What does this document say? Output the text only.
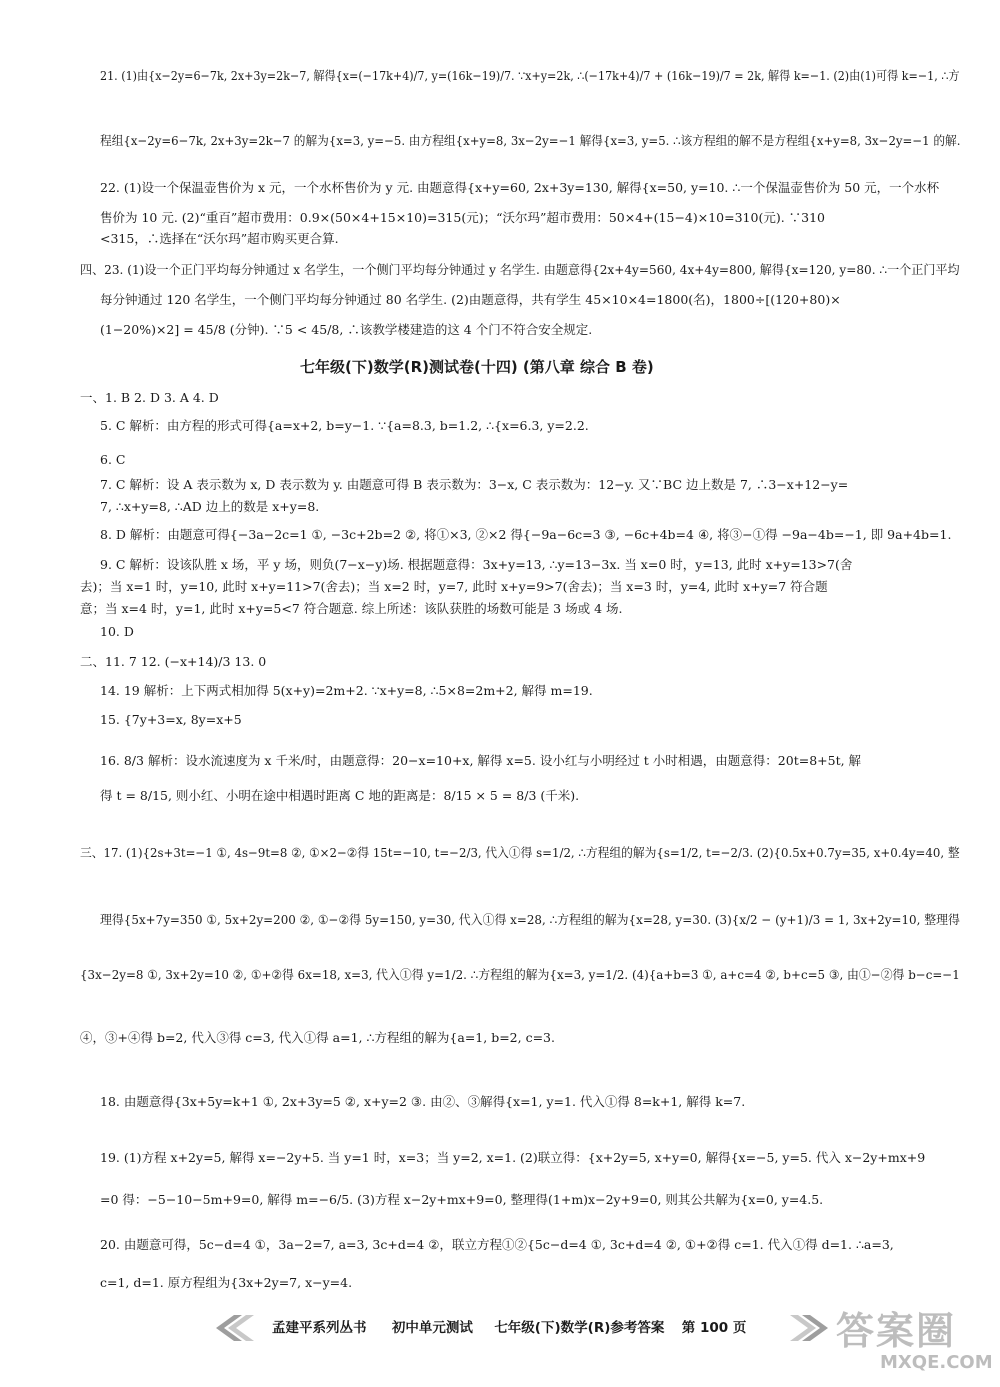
21. (1)由{x−2y=6−7k, 2x+3y=2k−7, 解得{x=(−17k+4)/7, y=(16k−19)/7. ∵x+y=2k, ∴(−17k+4)/7 + (16k−19)/7 = 2k, 解得 k=−1. (2)由(1)可得 k=−1, ∴方
程组{x−2y=6−7k, 2x+3y=2k−7 的解为{x=3, y=−5. 由方程组{x+y=8, 3x−2y=−1 解得{x=3, y=5. ∴该方程组的解不是方程组{x+y=8, 3x−2y=−1 的解.
22. (1)设一个保温壶售价为 x 元，一个水杯售价为 y 元. 由题意得{x+y=60, 2x+3y=130, 解得{x=50, y=10. ∴一个保温壶售价为 50 元，一个水杯
售价为 10 元. (2)“重百”超市费用：0.9×(50×4+15×10)=315(元)；“沃尔玛”超市费用：50×4+(15−4)×10=310(元). ∵310
<315，∴选择在“沃尔玛”超市购买更合算.
四、23. (1)设一个正门平均每分钟通过 x 名学生，一个侧门平均每分钟通过 y 名学生. 由题意得{2x+4y=560, 4x+4y=800, 解得{x=120, y=80. ∴一个正门平均
每分钟通过 120 名学生，一个侧门平均每分钟通过 80 名学生. (2)由题意得，共有学生 45×10×4=1800(名)，1800÷[(120+80)×
(1−20%)×2] = 45/8 (分钟). ∵5 < 45/8, ∴该教学楼建造的这 4 个门不符合安全规定.
一、1. B 2. D 3. A 4. D
5. C 解析：由方程的形式可得{a=x+2, b=y−1. ∵{a=8.3, b=1.2, ∴{x=6.3, y=2.2.
6. C
7. C 解析：设 A 表示数为 x, D 表示数为 y. 由题意可得 B 表示数为：3−x, C 表示数为：12−y. 又∵BC 边上数是 7, ∴3−x+12−y=
7, ∴x+y=8, ∴AD 边上的数是 x+y=8.
8. D 解析：由题意可得{−3a−2c=1 ①, −3c+2b=2 ②, 将①×3, ②×2 得{−9a−6c=3 ③, −6c+4b=4 ④, 将③−①得 −9a−4b=−1, 即 9a+4b=1.
9. C 解析：设该队胜 x 场，平 y 场，则负(7−x−y)场. 根据题意得：3x+y=13, ∴y=13−3x. 当 x=0 时，y=13, 此时 x+y=13>7(舍
去)；当 x=1 时，y=10, 此时 x+y=11>7(舍去)；当 x=2 时，y=7, 此时 x+y=9>7(舍去)；当 x=3 时，y=4, 此时 x+y=7 符合题
意；当 x=4 时，y=1, 此时 x+y=5<7 符合题意. 综上所述：该队获胜的场数可能是 3 场或 4 场.
10. D
二、11. 7 12. (−x+14)/3 13. 0
14. 19 解析：上下两式相加得 5(x+y)=2m+2. ∵x+y=8, ∴5×8=2m+2, 解得 m=19.
15. {7y+3=x, 8y=x+5
16. 8/3 解析：设水流速度为 x 千米/时，由题意得：20−x=10+x, 解得 x=5. 设小红与小明经过 t 小时相遇，由题意得：20t=8+5t, 解
得 t = 8/15, 则小红、小明在途中相遇时距离 C 地的距离是：8/15 × 5 = 8/3 (千米).
三、17. (1){2s+3t=−1 ①, 4s−9t=8 ②, ①×2−②得 15t=−10, t=−2/3, 代入①得 s=1/2, ∴方程组的解为{s=1/2, t=−2/3. (2){0.5x+0.7y=35, x+0.4y=40, 整
理得{5x+7y=350 ①, 5x+2y=200 ②, ①−②得 5y=150, y=30, 代入①得 x=28, ∴方程组的解为{x=28, y=30. (3){x/2 − (y+1)/3 = 1, 3x+2y=10, 整理得
{3x−2y=8 ①, 3x+2y=10 ②, ①+②得 6x=18, x=3, 代入①得 y=1/2. ∴方程组的解为{x=3, y=1/2. (4){a+b=3 ①, a+c=4 ②, b+c=5 ③, 由①−②得 b−c=−1
④，③+④得 b=2, 代入③得 c=3, 代入①得 a=1, ∴方程组的解为{a=1, b=2, c=3.
18. 由题意得{3x+5y=k+1 ①, 2x+3y=5 ②, x+y=2 ③. 由②、③解得{x=1, y=1. 代入①得 8=k+1, 解得 k=7.
19. (1)方程 x+2y=5, 解得 x=−2y+5. 当 y=1 时，x=3；当 y=2, x=1. (2)联立得：{x+2y=5, x+y=0, 解得{x=−5, y=5. 代入 x−2y+mx+9
=0 得：−5−10−5m+9=0, 解得 m=−6/5. (3)方程 x−2y+mx+9=0, 整理得(1+m)x−2y+9=0, 则其公共解为{x=0, y=4.5.
20. 由题意可得，5c−d=4 ①，3a−2=7, a=3, 3c+d=4 ②，联立方程①②{5c−d=4 ①, 3c+d=4 ②, ①+②得 c=1. 代入①得 d=1. ∴a=3,
c=1, d=1. 原方程组为{3x+2y=7, x−y=4.
七年级(下)数学(R)测试卷(十四) (第八章 综合 B 卷)
孟建平系列丛书 初中单元测试 七年级(下)数学(R)参考答案 第 100 页 答案圈
MXQE.COM
